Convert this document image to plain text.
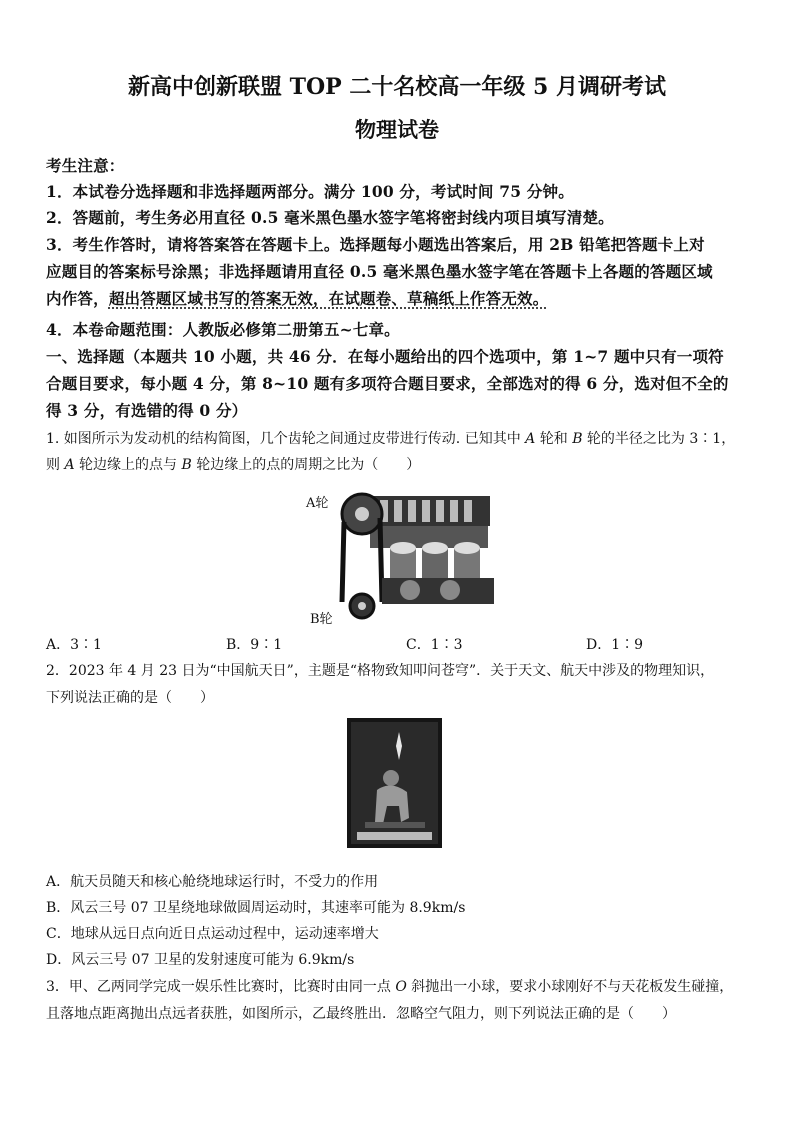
新高中创新联盟 TOP 二十名校高一年级 5 月调研考试
物理试卷
考生注意：
1．本试卷分选择题和非选择题两部分。满分 100 分，考试时间 75 分钟。
2．答题前，考生务必用直径 0.5 毫米黑色墨水签字笔将密封线内项目填写清楚。
3．考生作答时，请将答案答在答题卡上。选择题每小题选出答案后，用 2B 铅笔把答题卡上对
应题目的答案标号涂黑；非选择题请用直径 0.5 毫米黑色墨水签字笔在答题卡上各题的答题区域
内作答，超出答题区域书写的答案无效，在试题卷、草稿纸上作答无效。
4．本卷命题范围：人教版必修第二册第五~七章。
一、选择题（本题共 10 小题，共 46 分．在每小题给出的四个选项中，第 1~7 题中只有一项符
合题目要求，每小题 4 分，第 8~10 题有多项符合题目要求，全部选对的得 6 分，选对但不全的
得 3 分，有选错的得 0 分）
1. 如图所示为发动机的结构简图，几个齿轮之间通过皮带进行传动. 已知其中 A 轮和 B 轮的半径之比为 3∶1，
则 A 轮边缘上的点与 B 轮边缘上的点的周期之比为（　　）
A轮
B轮
A．3∶1	B．9∶1	C．1∶3	D．1∶9
2．2023 年 4 月 23 日为“中国航天日”，主题是“格物致知叩问苍穹”．关于天文、航天中涉及的物理知识，
下列说法正确的是（　　）
A．航天员随天和核心舱绕地球运行时，不受力的作用
B．风云三号 07 卫星绕地球做圆周运动时，其速率可能为 8.9km/s
C．地球从远日点向近日点运动过程中，运动速率增大
D．风云三号 07 卫星的发射速度可能为 6.9km/s
3．甲、乙两同学完成一娱乐性比赛时，比赛时由同一点 O 斜抛出一小球，要求小球刚好不与天花板发生碰撞，
且落地点距离抛出点远者获胜，如图所示，乙最终胜出．忽略空气阻力，则下列说法正确的是（　　）
